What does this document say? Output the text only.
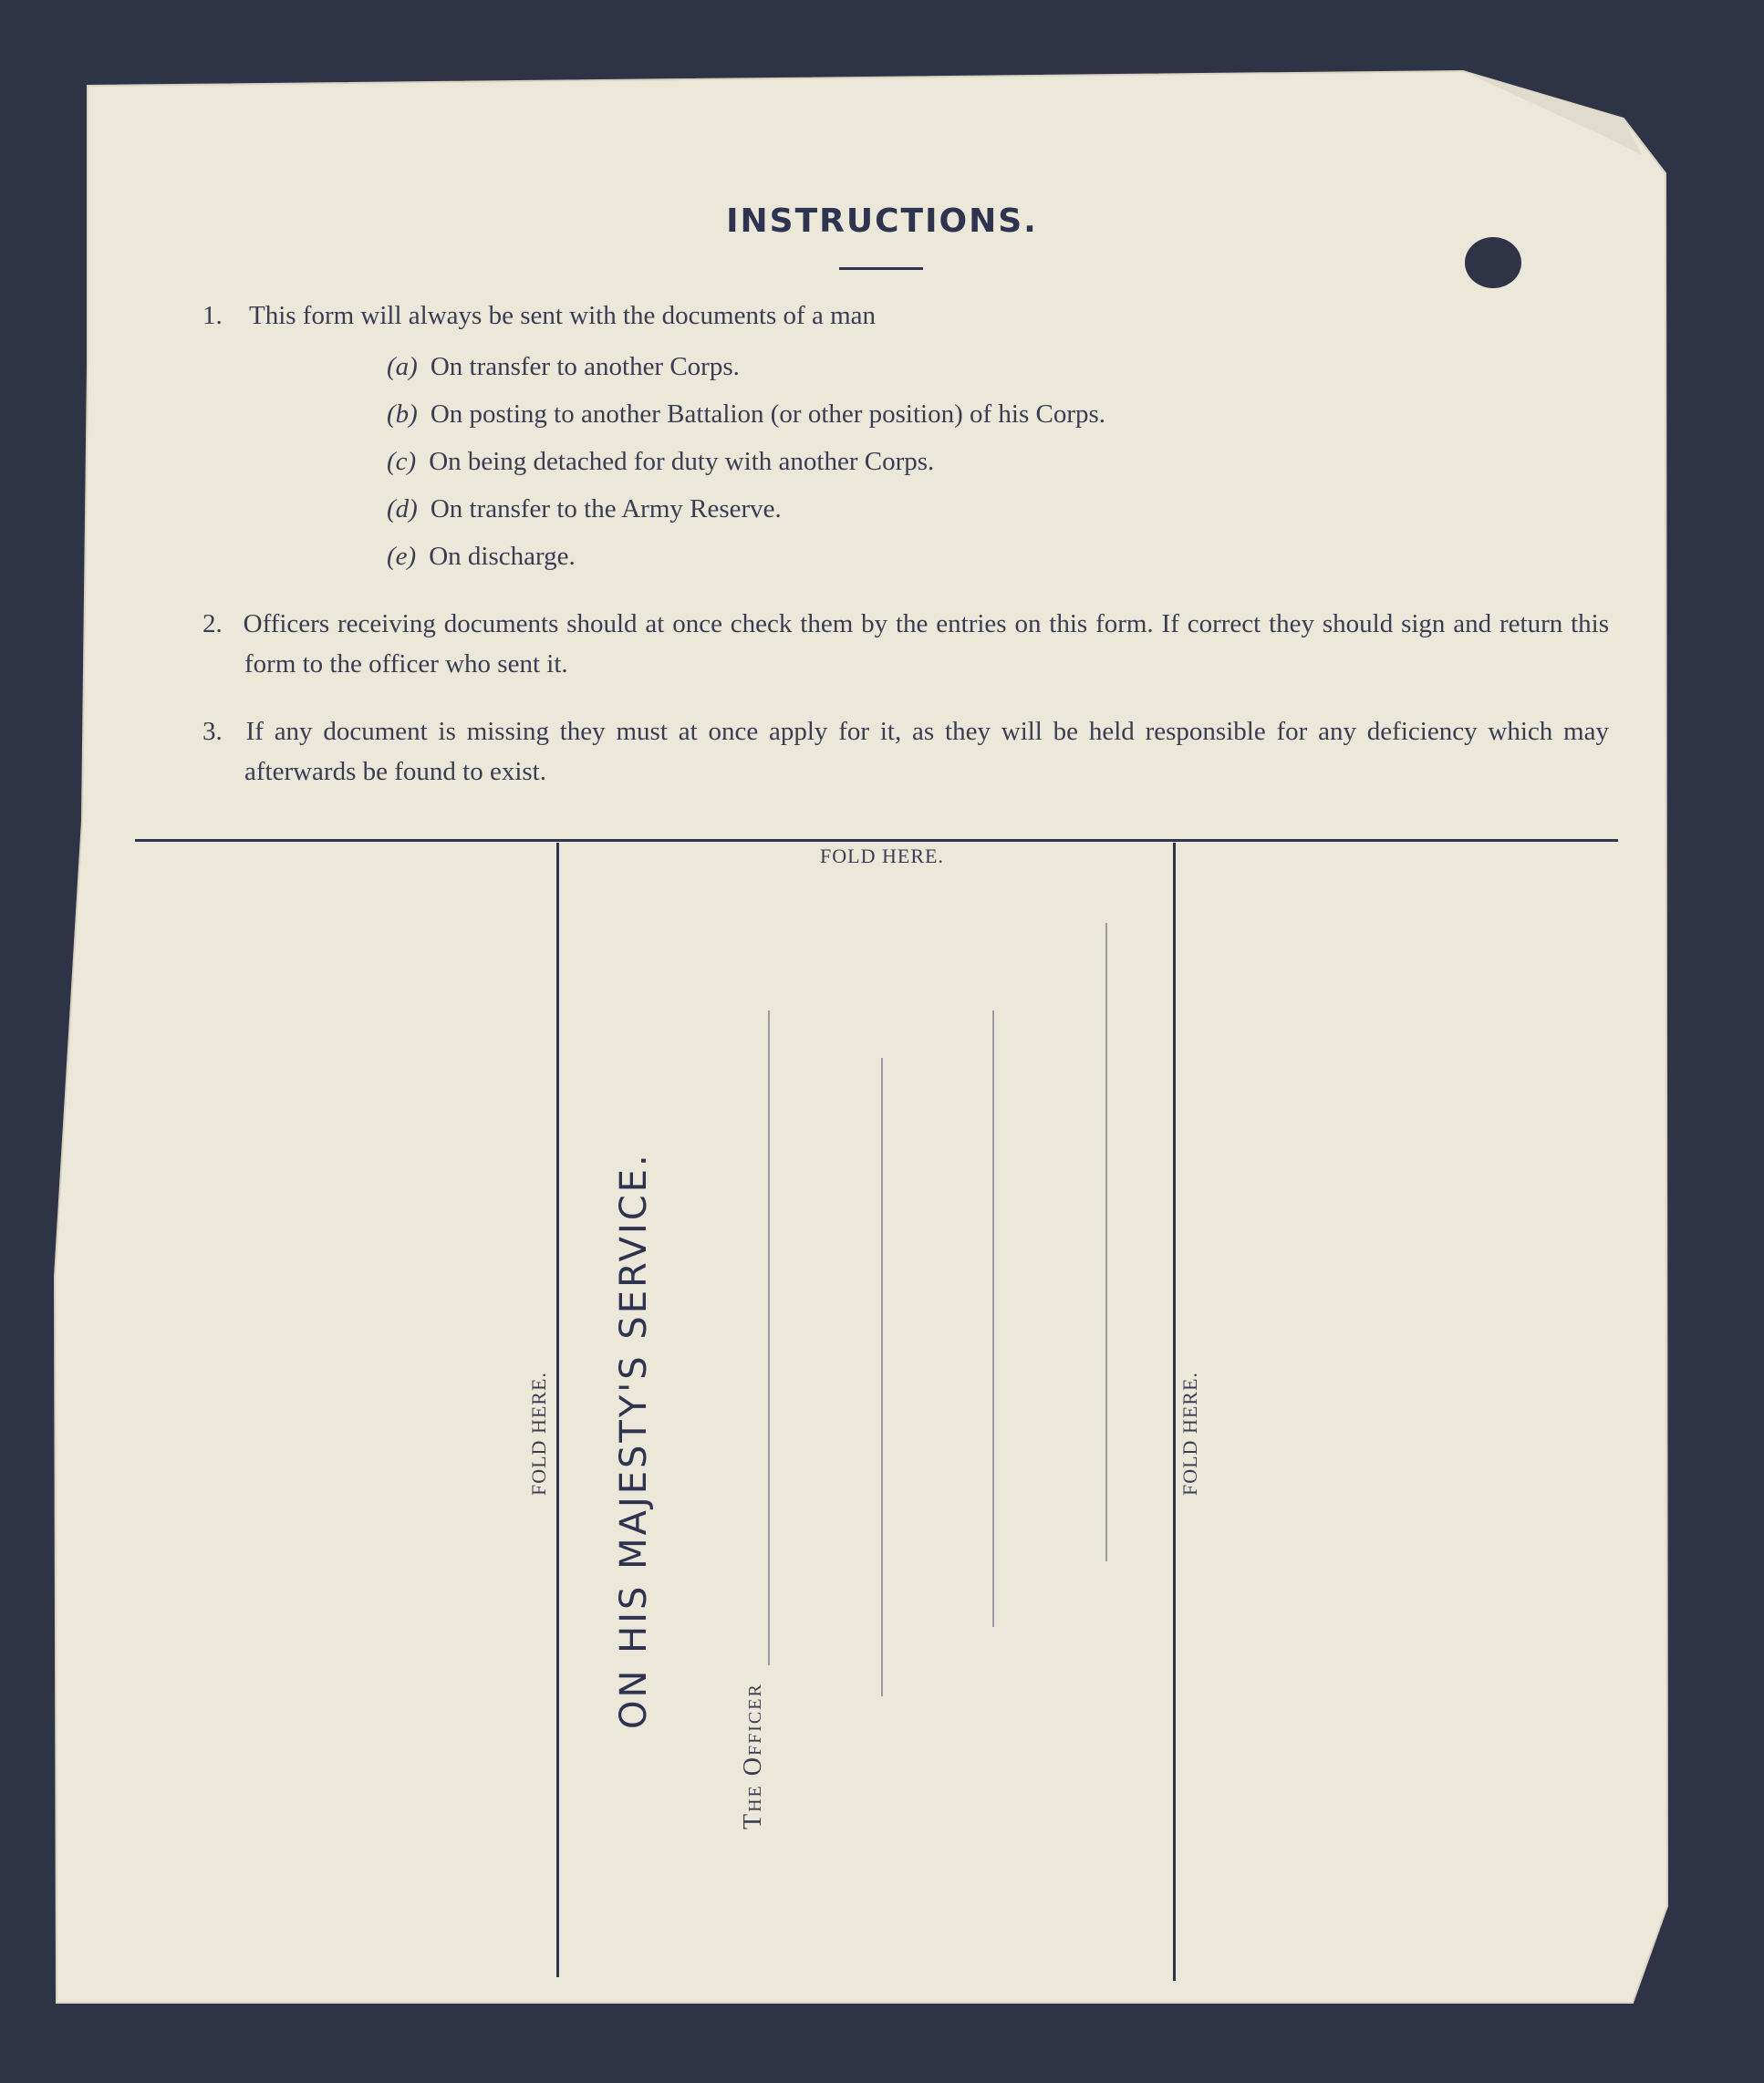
INSTRUCTIONS.
1. This form will always be sent with the documents of a man
(a) On transfer to another Corps.
(b) On posting to another Battalion (or other position) of his Corps.
(c) On being detached for duty with another Corps.
(d) On transfer to the Army Reserve.
(e) On discharge.
2. Officers receiving documents should at once check them by the entries on this form. If correct they should sign and return this form to the officer who sent it.
3. If any document is missing they must at once apply for it, as they will be held responsible for any deficiency which may afterwards be found to exist.
FOLD HERE.
FOLD HERE.	FOLD HERE.
ON HIS MAJESTY'S SERVICE.
The Officer
